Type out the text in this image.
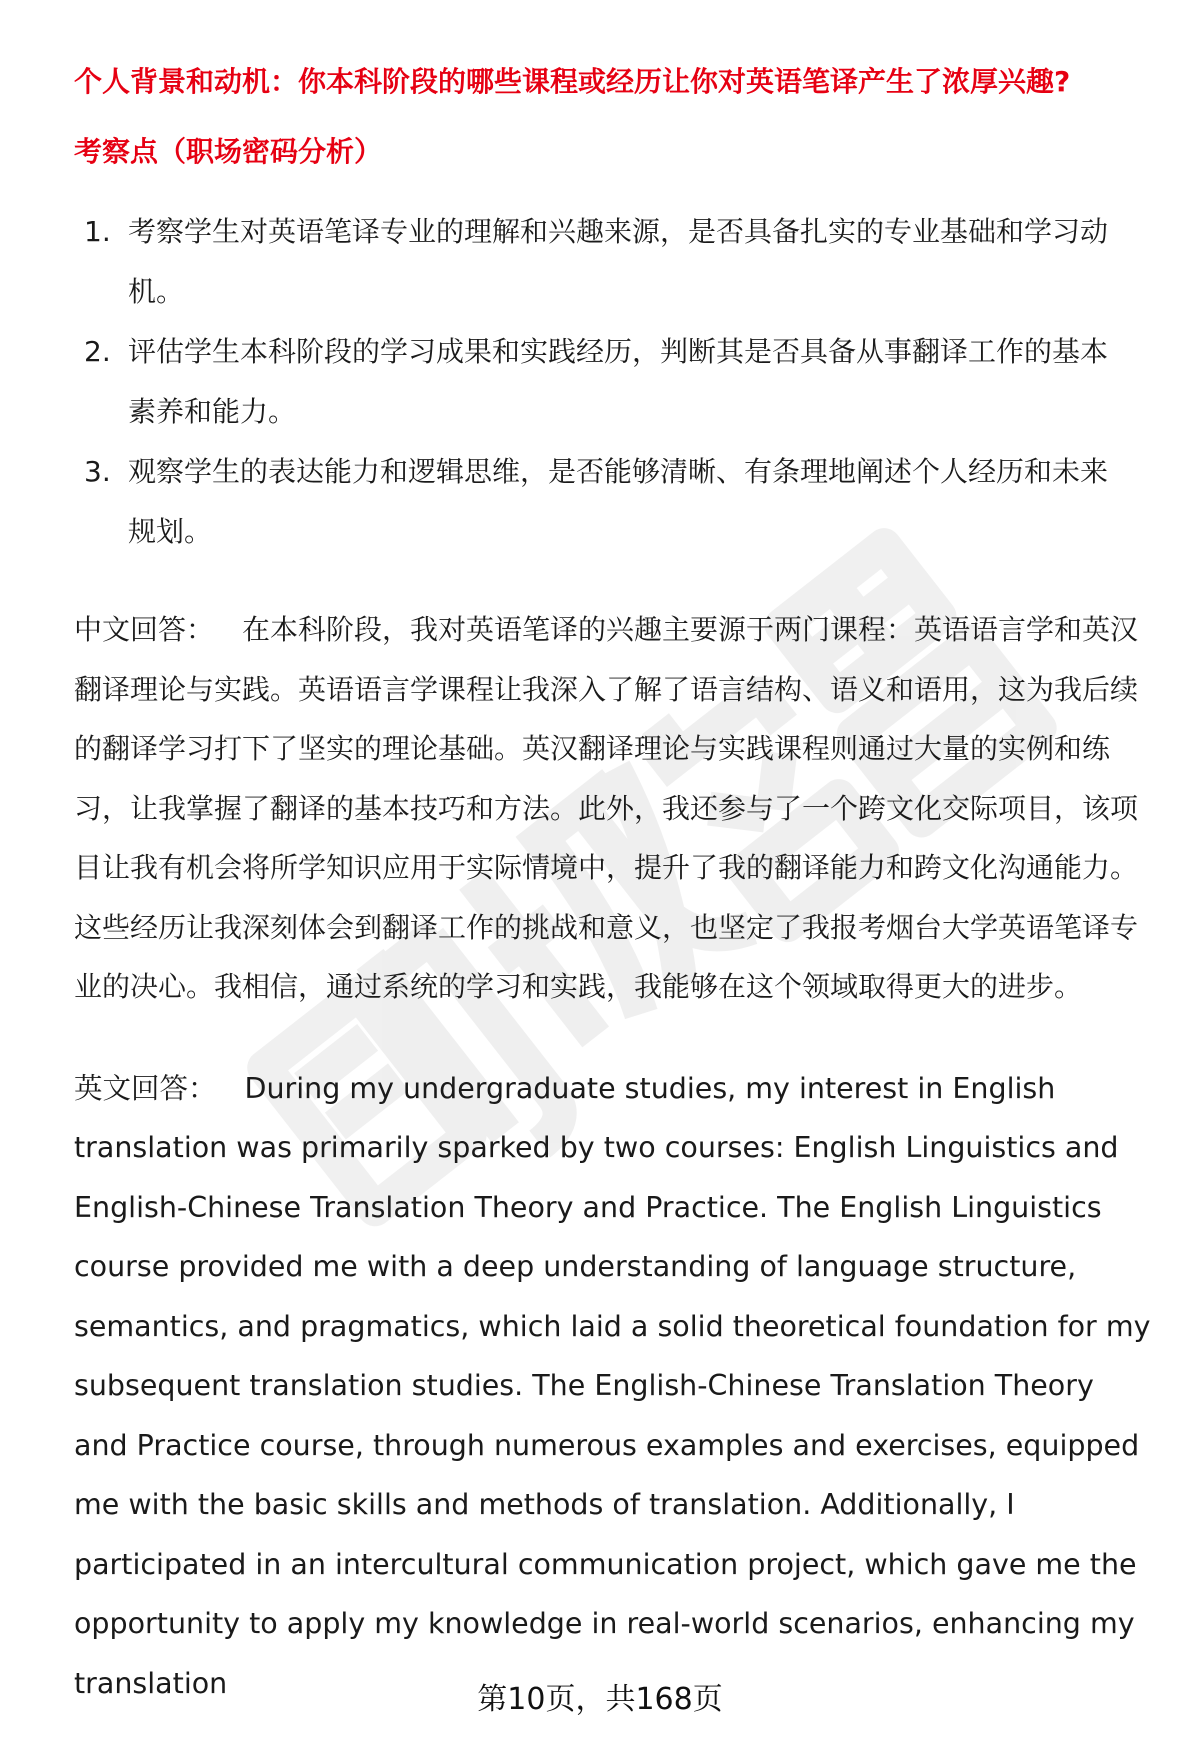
个人背景和动机：你本科阶段的哪些课程或经历让你对英语笔译产生了浓厚兴趣?
考察点（职场密码分析）
1. 考察学生对英语笔译专业的理解和兴趣来源，是否具备扎实的专业基础和学习动机。
2. 评估学生本科阶段的学习成果和实践经历，判断其是否具备从事翻译工作的基本素养和能力。
3. 观察学生的表达能力和逻辑思维，是否能够清晰、有条理地阐述个人经历和未来规划。

中文回答： 在本科阶段，我对英语笔译的兴趣主要源于两门课程：英语语言学和英汉翻译理论与实践。英语语言学课程让我深入了解了语言结构、语义和语用，这为我后续的翻译学习打下了坚实的理论基础。英汉翻译理论与实践课程则通过大量的实例和练习，让我掌握了翻译的基本技巧和方法。此外，我还参与了一个跨文化交际项目，该项目让我有机会将所学知识应用于实际情境中，提升了我的翻译能力和跨文化沟通能力。这些经历让我深刻体会到翻译工作的挑战和意义，也坚定了我报考烟台大学英语笔译专业的决心。我相信，通过系统的学习和实践，我能够在这个领域取得更大的进步。

英文回答： During my undergraduate studies, my interest in English translation was primarily sparked by two courses: English Linguistics and English-Chinese Translation Theory and Practice. The English Linguistics course provided me with a deep understanding of language structure, semantics, and pragmatics, which laid a solid theoretical foundation for my subsequent translation studies. The English-Chinese Translation Theory and Practice course, through numerous examples and exercises, equipped me with the basic skills and methods of translation. Additionally, I participated in an intercultural communication project, which gave me the opportunity to apply my knowledge in real-world scenarios, enhancing my translation	第10页，共168页
